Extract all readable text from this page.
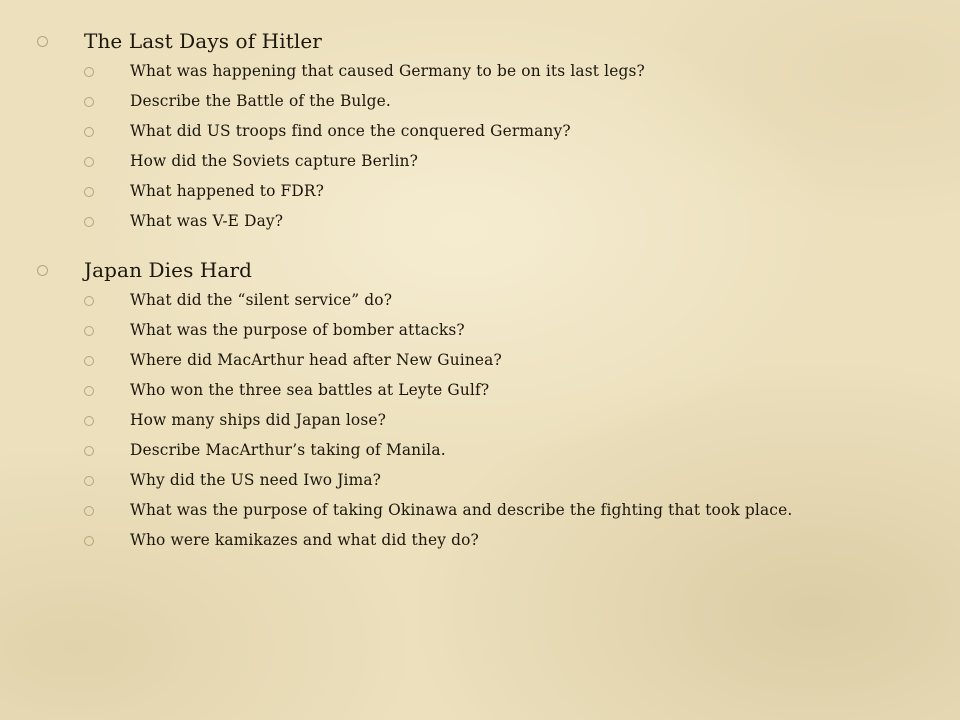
The Last Days of Hitler
What was happening that caused Germany to be on its last legs?
Describe the Battle of the Bulge.
What did US troops find once the conquered Germany?
How did the Soviets capture Berlin?
What happened to FDR?
What was V-E Day?
Japan Dies Hard
What did the “silent service” do?
What was the purpose of bomber attacks?
Where did MacArthur head after New Guinea?
Who won the three sea battles at Leyte Gulf?
How many ships did Japan lose?
Describe MacArthur’s taking of Manila.
Why did the US need Iwo Jima?
What was the purpose of taking Okinawa and describe the fighting that took place.
Who were kamikazes and what did they do?
